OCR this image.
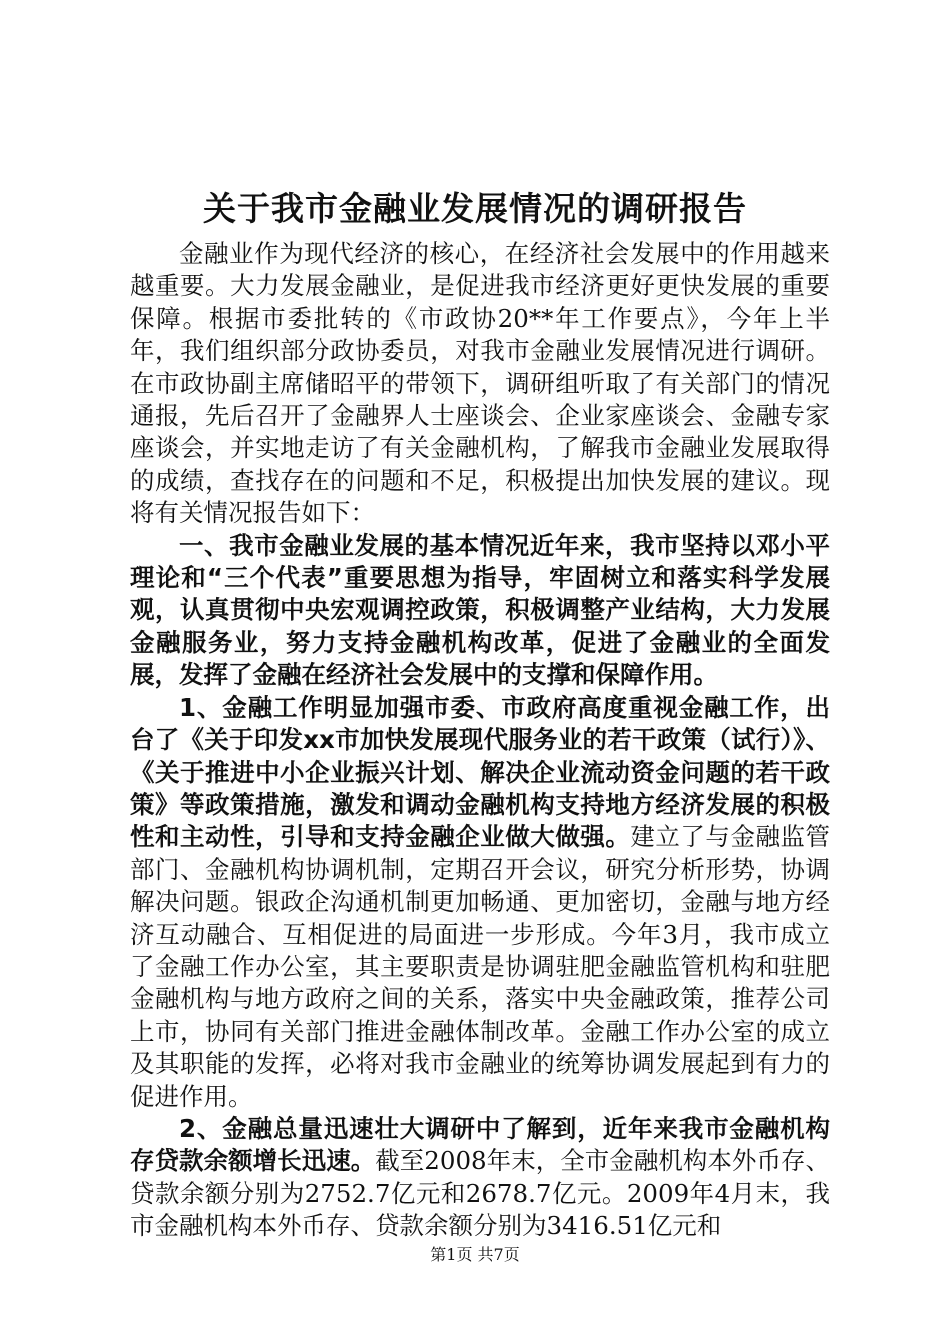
关于我市金融业发展情况的调研报告

金融业作为现代经济的核心，在经济社会发展中的作用越来越重要。大力发展金融业，是促进我市经济更好更快发展的重要保障。根据市委批转的《市政协20**年工作要点》，今年上半年，我们组织部分政协委员，对我市金融业发展情况进行调研。在市政协副主席储昭平的带领下，调研组听取了有关部门的情况通报，先后召开了金融界人士座谈会、企业家座谈会、金融专家座谈会，并实地走访了有关金融机构，了解我市金融业发展取得的成绩，查找存在的问题和不足，积极提出加快发展的建议。现将有关情况报告如下：

一、我市金融业发展的基本情况近年来，我市坚持以邓小平理论和“三个代表”重要思想为指导，牢固树立和落实科学发展观，认真贯彻中央宏观调控政策，积极调整产业结构，大力发展金融服务业，努力支持金融机构改革，促进了金融业的全面发展，发挥了金融在经济社会发展中的支撑和保障作用。

1、金融工作明显加强市委、市政府高度重视金融工作，出台了《关于印发xx市加快发展现代服务业的若干政策（试行）》、《关于推进中小企业振兴计划、解决企业流动资金问题的若干政策》等政策措施，激发和调动金融机构支持地方经济发展的积极性和主动性，引导和支持金融企业做大做强。建立了与金融监管部门、金融机构协调机制，定期召开会议，研究分析形势，协调解决问题。银政企沟通机制更加畅通、更加密切，金融与地方经济互动融合、互相促进的局面进一步形成。今年3月，我市成立了金融工作办公室，其主要职责是协调驻肥金融监管机构和驻肥金融机构与地方政府之间的关系，落实中央金融政策，推荐公司上市，协同有关部门推进金融体制改革。金融工作办公室的成立及其职能的发挥，必将对我市金融业的统筹协调发展起到有力的促进作用。

2、金融总量迅速壮大调研中了解到，近年来我市金融机构存贷款余额增长迅速。截至2008年末，全市金融机构本外币存、贷款余额分别为2752.7亿元和2678.7亿元。2009年4月末，我市金融机构本外币存、贷款余额分别为3416.51亿元和

第1页 共7页
